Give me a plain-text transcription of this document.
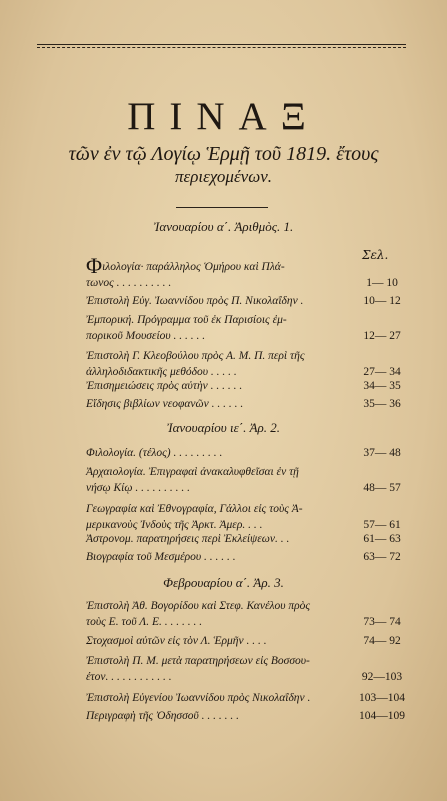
ΠΙΝΑΞ
τῶν ἐν τῷ Λογίῳ Ἑρμῇ τοῦ 1819. ἔτους
περιεχομένων.
Ἰανουαρίου α΄. Ἀριθμὸς. 1.
Σελ.
Φιλολογία· παράλληλος Ὁμήρου καὶ Πλά-
τωνος . . . . . . . . . .	1— 10
Ἐπιστολὴ Εὐγ. Ἰωαννίδου πρὸς Π. Νικολαΐδην .	10— 12
Ἐμπορική. Πρόγραμμα τοῦ ἐκ Παρισίοις ἐμ-
πορικοῦ Μουσείου . . . . . .	12— 27
Ἐπιστολὴ Γ. Κλεοβούλου πρὸς Α. Μ. Π. περὶ τῆς
ἀλληλοδιδακτικῆς μεθόδου . . . . .	27— 34
Ἐπισημειώσεις πρὸς αὐτὴν . . . . . .	34— 35
Εἴδησις βιβλίων νεοφανῶν . . . . . .	35— 36
Ἰανουαρίου ιε΄. Ἀρ. 2.
Φιλολογία. (τέλος) . . . . . . . . .	37— 48
Ἀρχαιολογία. Ἐπιγραφαὶ ἀνακαλυφθεῖσαι ἐν τῇ
νήσῳ Κίῳ . . . . . . . . . .	48— 57
Γεωγραφία καὶ Ἐθνογραφία, Γάλλοι εἰς τοὺς Ἀ-
μερικανοὺς Ἰνδοὺς τῆς Ἀρκτ. Ἀμερ. . . .	57— 61
Ἀστρονομ. παρατηρήσεις περὶ Ἐκλείψεων. . .	61— 63
Βιογραφία τοῦ Μεσμέρου . . . . . .	63— 72
Φεβρουαρίου α΄. Ἀρ. 3.
Ἐπιστολὴ Ἀθ. Βογορίδου καὶ Στεφ. Κανέλου πρὸς
τοὺς Ε. τοῦ Λ. Ε. . . . . . . .	73— 74
Στοχασμοὶ αὐτῶν εἰς τὸν Λ. Ἑρμῆν . . . .	74— 92
Ἐπιστολὴ Π. Μ. μετὰ παρατηρήσεων εἰς Βοσσου-
έτον. . . . . . . . . . . .	92—103
Ἐπιστολὴ Εὐγενίου Ἰωαννίδου πρὸς Νικολαΐδην .	103—104
Περιγραφὴ τῆς Ὀδησσοῦ . . . . . . .	104—109
